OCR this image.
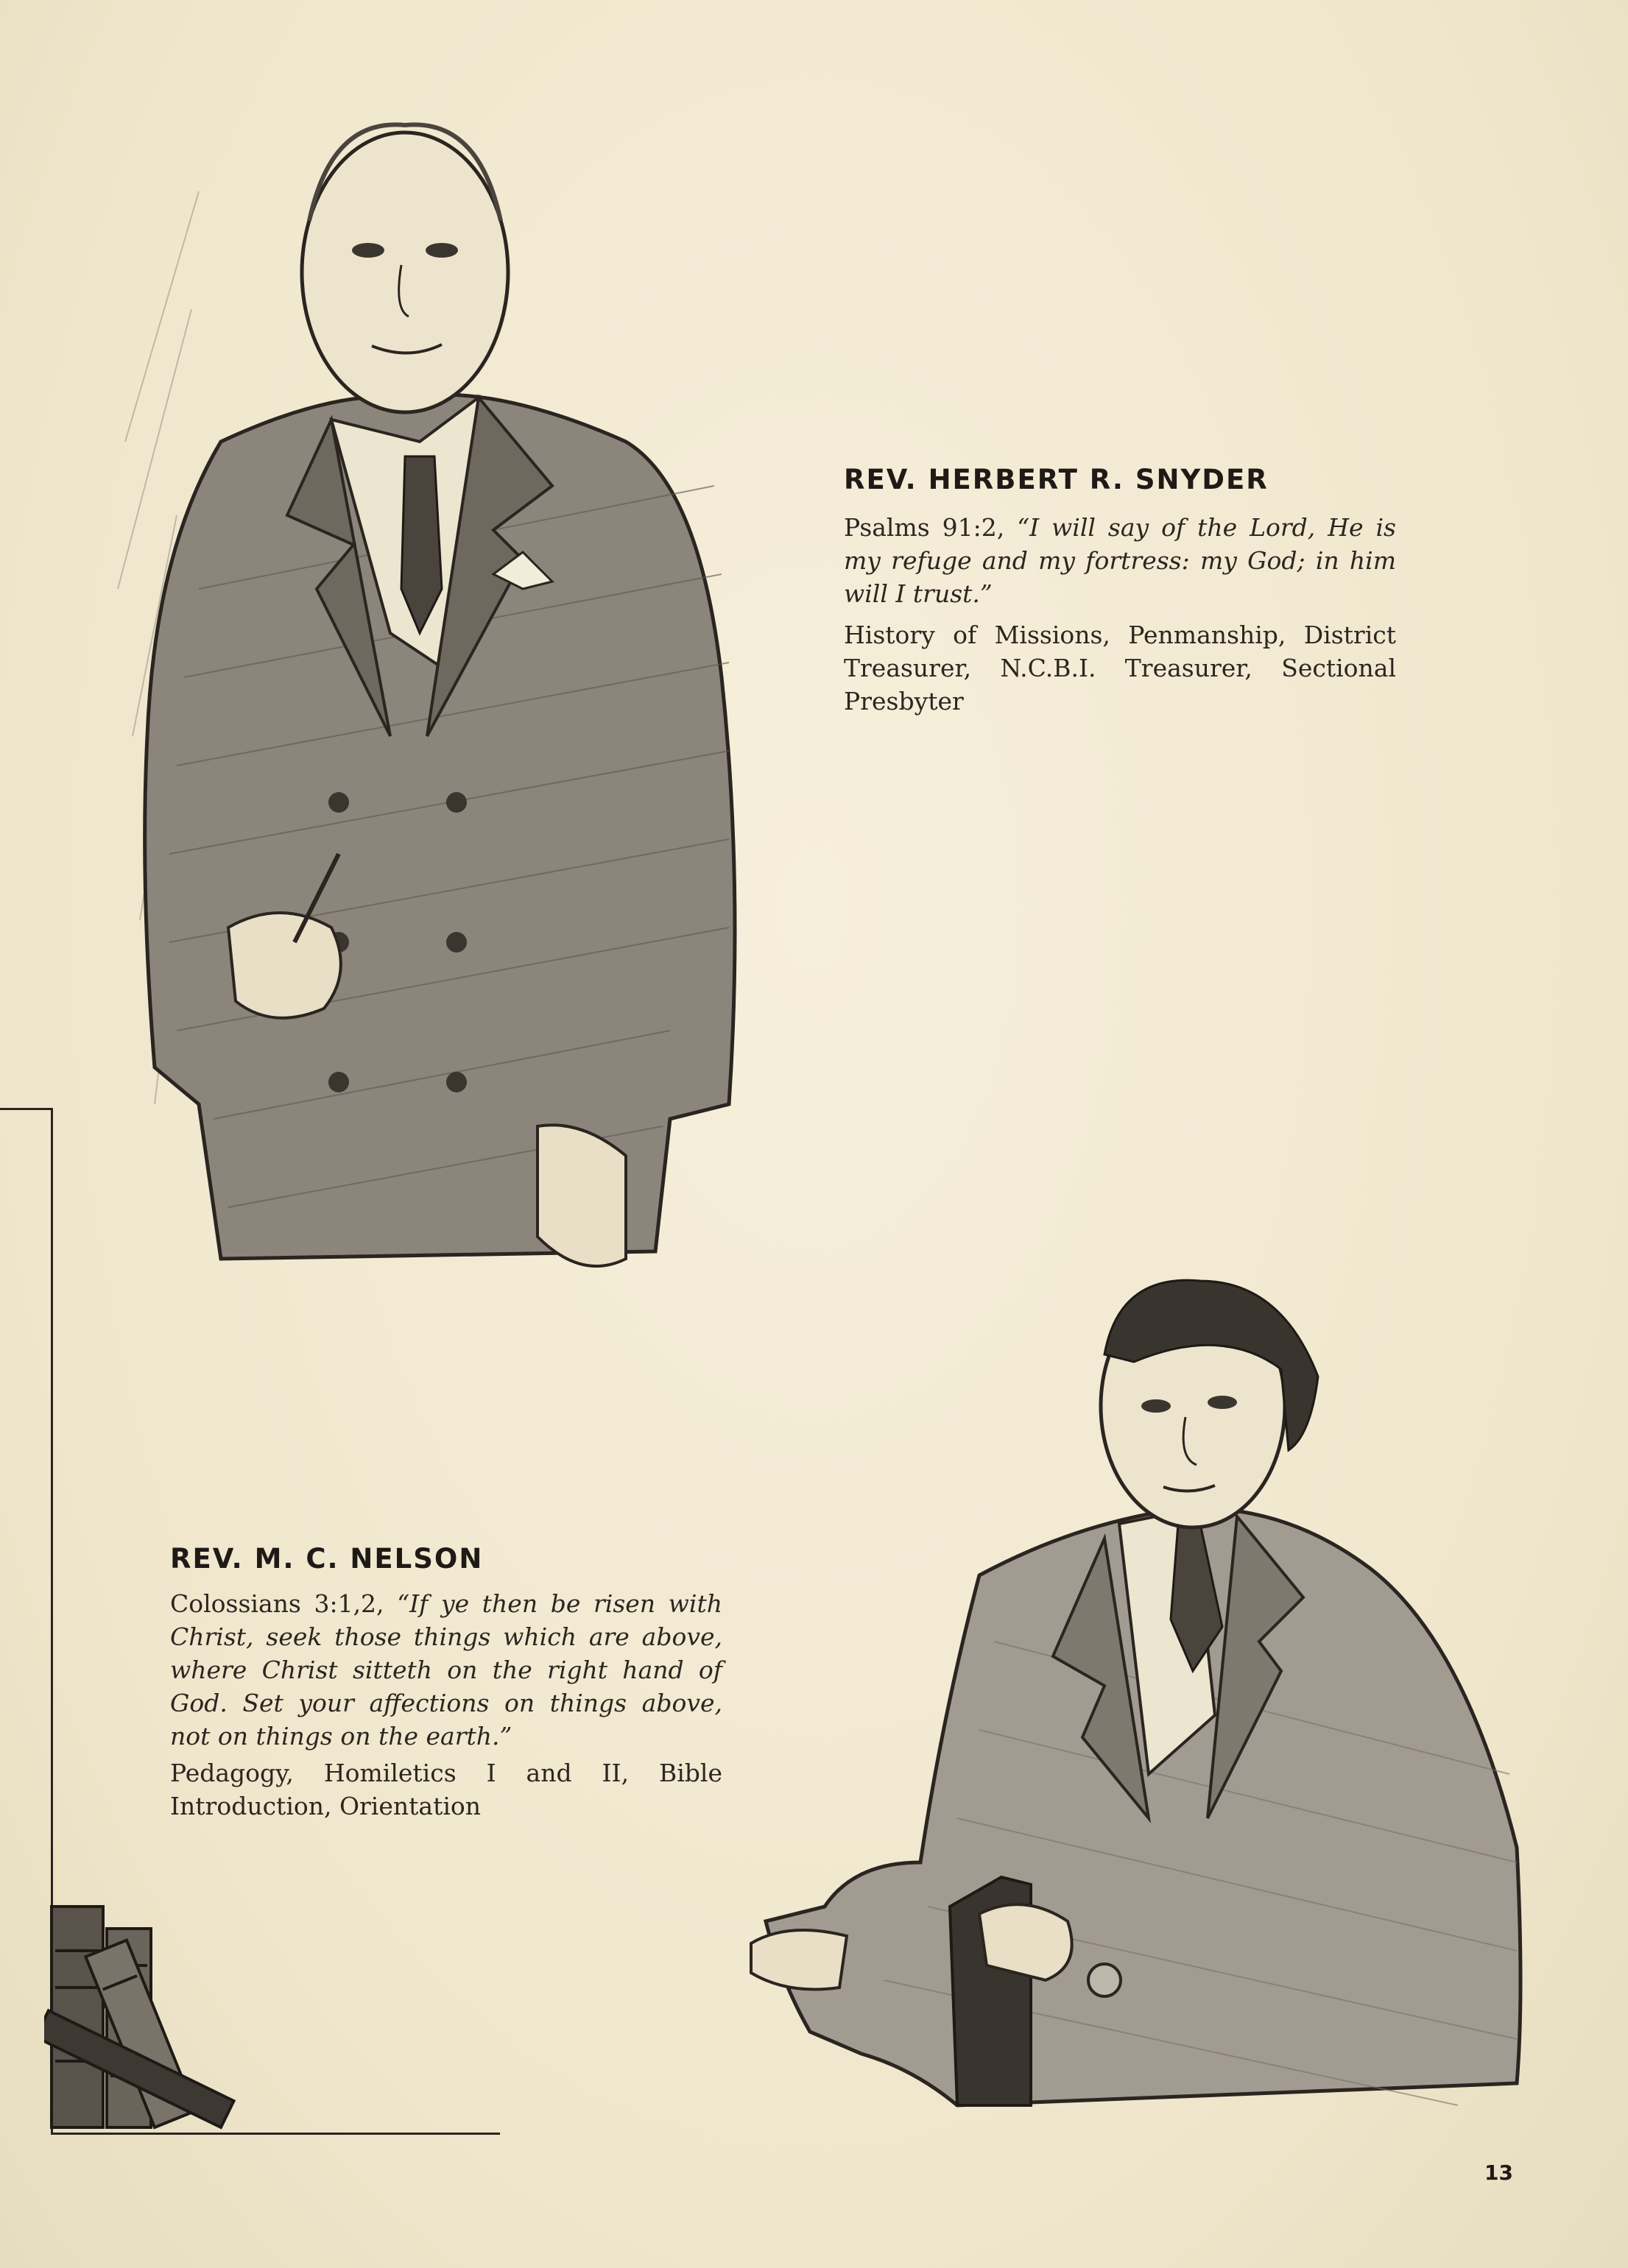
REV. HERBERT R. SNYDER

Psalms 91:2, “I will say of the Lord, He is my refuge and my fortress: my God; in him will I trust.”

History of Missions, Penmanship, District Treasurer, N.C.B.I. Treasurer, Sectional Presbyter

REV. M. C. NELSON

Colossians 3:1,2, “If ye then be risen with Christ, seek those things which are above, where Christ sitteth on the right hand of God. Set your affections on things above, not on things on the earth.”

Pedagogy, Homiletics I and II, Bible Introduction, Orientation

13
